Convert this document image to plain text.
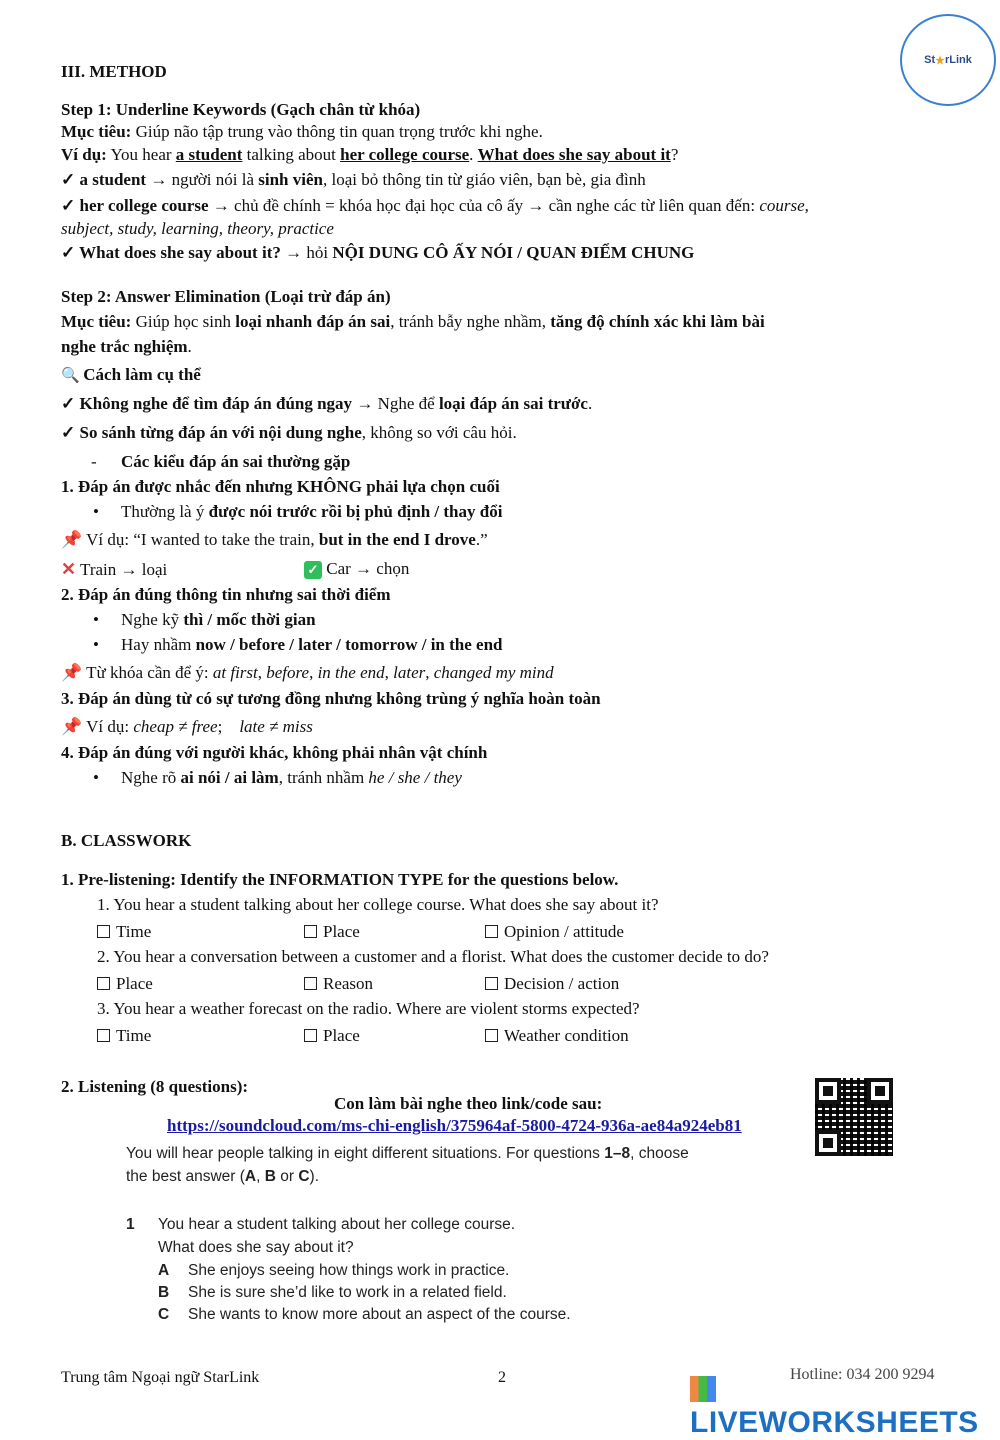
St ★ rLink
III. METHOD
Step 1: Underline Keywords (Gạch chân từ khóa)
Mục tiêu: Giúp não tập trung vào thông tin quan trọng trước khi nghe.
Ví dụ: You hear a student talking about her college course. What does she say about it?
✓ a student → người nói là sinh viên, loại bỏ thông tin từ giáo viên, bạn bè, gia đình
✓ her college course → chủ đề chính = khóa học đại học của cô ấy → cần nghe các từ liên quan đến: course,
subject, study, learning, theory, practice
✓ What does she say about it? → hỏi NỘI DUNG CÔ ẤY NÓI / QUAN ĐIỂM CHUNG
Step 2: Answer Elimination (Loại trừ đáp án)
Mục tiêu: Giúp học sinh loại nhanh đáp án sai, tránh bẫy nghe nhầm, tăng độ chính xác khi làm bài
nghe trắc nghiệm.
🔍 Cách làm cụ thể
✓ Không nghe để tìm đáp án đúng ngay → Nghe để loại đáp án sai trước.
✓ So sánh từng đáp án với nội dung nghe, không so với câu hỏi.
- Các kiểu đáp án sai thường gặp
1. Đáp án được nhắc đến nhưng KHÔNG phải lựa chọn cuối
• Thường là ý được nói trước rồi bị phủ định / thay đổi
📌 Ví dụ: “I wanted to take the train, but in the end I drove.”
✕ Train → loại	✓ Car → chọn
2. Đáp án đúng thông tin nhưng sai thời điểm
• Nghe kỹ thì / mốc thời gian
• Hay nhầm now / before / later / tomorrow / in the end
📌 Từ khóa cần để ý: at first, before, in the end, later, changed my mind
3. Đáp án dùng từ có sự tương đồng nhưng không trùng ý nghĩa hoàn toàn
📌 Ví dụ: cheap ≠ free;    late ≠ miss
4. Đáp án đúng với người khác, không phải nhân vật chính
• Nghe rõ ai nói / ai làm, tránh nhầm he / she / they
B. CLASSWORK
1. Pre-listening: Identify the INFORMATION TYPE for the questions below.
1. You hear a student talking about her college course. What does she say about it?
Time	Place	Opinion / attitude
2. You hear a conversation between a customer and a florist. What does the customer decide to do?
Place	Reason	Decision / action
3. You hear a weather forecast on the radio. Where are violent storms expected?
Time	Place	Weather condition
2. Listening (8 questions):
Con làm bài nghe theo link/code sau:
https://soundcloud.com/ms-chi-english/375964af-5800-4724-936a-ae84a924eb81
You will hear people talking in eight different situations. For questions 1–8, choose
the best answer (A, B or C).
1 You hear a student talking about her college course.
What does she say about it?
A She enjoys seeing how things work in practice.
B She is sure she’d like to work in a related field.
C She wants to know more about an aspect of the course.
Trung tâm Ngoại ngữ StarLink	2	Hotline: 034 200 9294
LIVEWORKSHEETS
